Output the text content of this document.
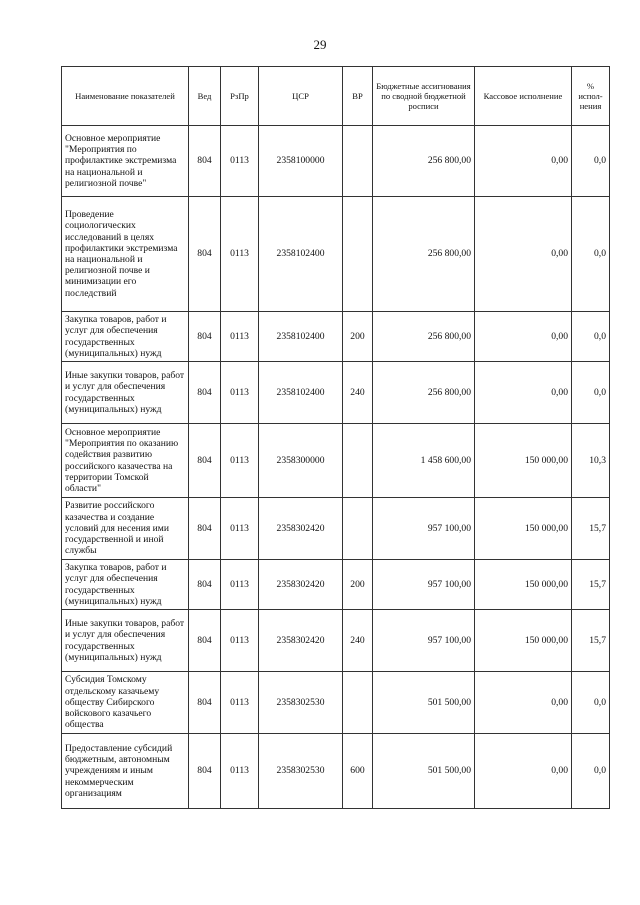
29
Наименование показателей	Вед	РзПр	ЦСР	ВР	Бюджетные ассигнования по сводной бюджетной росписи	Кассовое исполнение	% испол-нения
Основное мероприятие "Мероприятия по профилактике экстремизма на национальной и религиозной почве"	804	0113	2358100000		256 800,00	0,00	0,0
Проведение социологических исследований в целях профилактики экстремизма на национальной и религиозной почве и минимизации его последствий	804	0113	2358102400		256 800,00	0,00	0,0
Закупка товаров, работ и услуг для обеспечения государственных (муниципальных) нужд	804	0113	2358102400	200	256 800,00	0,00	0,0
Иные закупки товаров, работ и услуг для обеспечения государственных (муниципальных) нужд	804	0113	2358102400	240	256 800,00	0,00	0,0
Основное мероприятие "Мероприятия по оказанию содействия развитию российского казачества на территории Томской области"	804	0113	2358300000		1 458 600,00	150 000,00	10,3
Развитие российского казачества и создание условий для несения ими государственной и иной службы	804	0113	2358302420		957 100,00	150 000,00	15,7
Закупка товаров, работ и услуг для обеспечения государственных (муниципальных) нужд	804	0113	2358302420	200	957 100,00	150 000,00	15,7
Иные закупки товаров, работ и услуг для обеспечения государственных (муниципальных) нужд	804	0113	2358302420	240	957 100,00	150 000,00	15,7
Субсидия Томскому отдельскому казачьему обществу Сибирского войскового казачьего общества	804	0113	2358302530		501 500,00	0,00	0,0
Предоставление субсидий бюджетным, автономным учреждениям и иным некоммерческим организациям	804	0113	2358302530	600	501 500,00	0,00	0,0
